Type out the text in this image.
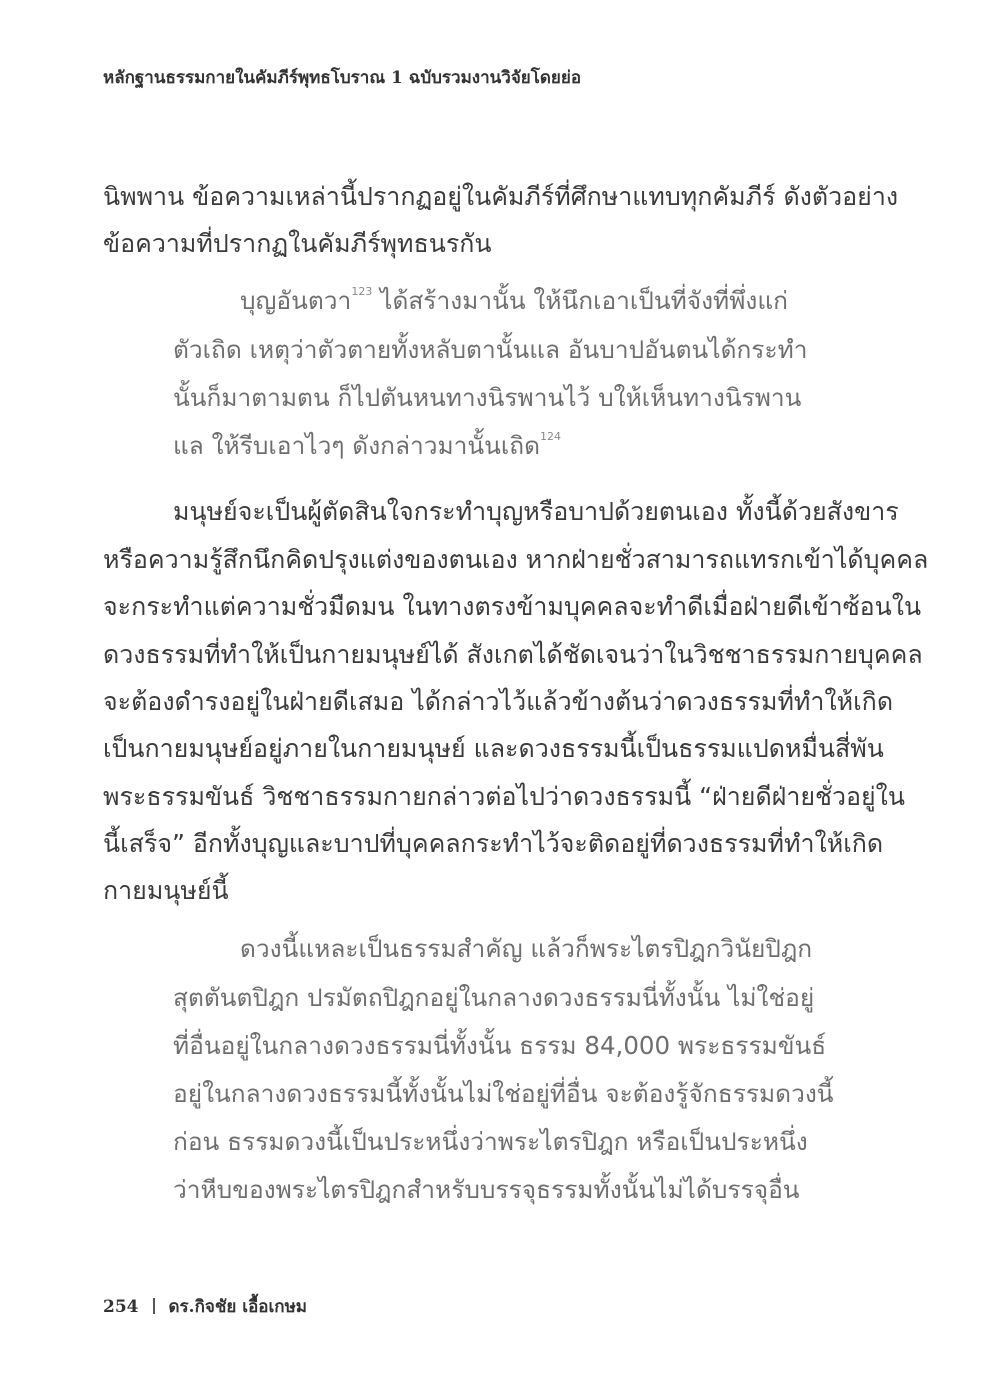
หลักฐานธรรมกายในคัมภีร์พุทธโบราณ 1 ฉบับรวมงานวิจัยโดยย่อ
นิพพาน ข้อความเหล่านี้ปรากฏอยู่ในคัมภีร์ที่ศึกษาแทบทุกคัมภีร์ ดังตัวอย่าง
ข้อความที่ปรากฏในคัมภีร์พุทธนรกัน
บุญอันตวา$^{123}$ ได้สร้างมานั้น ให้นึกเอาเป็นที่จังที่พึ่งแก่
ตัวเถิด เหตุว่าตัวตายทั้งหลับตานั้นแล อันบาปอันตนได้กระทำ
นั้นก็มาตามตน ก็ไปตันหนทางนิรพานไว้ บให้เห็นทางนิรพาน
แล ให้รีบเอาไวๆ ดังกล่าวมานั้นเถิด$^{124}$
มนุษย์จะเป็นผู้ตัดสินใจกระทำบุญหรือบาปด้วยตนเอง ทั้งนี้ด้วยสังขาร
หรือความรู้สึกนึกคิดปรุงแต่งของตนเอง หากฝ่ายชั่วสามารถแทรกเข้าได้บุคคล
จะกระทำแต่ความชั่วมืดมน ในทางตรงข้ามบุคคลจะทำดีเมื่อฝ่ายดีเข้าซ้อนใน
ดวงธรรมที่ทำให้เป็นกายมนุษย์ได้ สังเกตได้ชัดเจนว่าในวิชชาธรรมกายบุคคล
จะต้องดำรงอยู่ในฝ่ายดีเสมอ ได้กล่าวไว้แล้วข้างต้นว่าดวงธรรมที่ทำให้เกิด
เป็นกายมนุษย์อยู่ภายในกายมนุษย์ และดวงธรรมนี้เป็นธรรมแปดหมื่นสี่พัน
พระธรรมขันธ์ วิชชาธรรมกายกล่าวต่อไปว่าดวงธรรมนี้ “ฝ่ายดีฝ่ายชั่วอยู่ใน
นี้เสร็จ” อีกทั้งบุญและบาปที่บุคคลกระทำไว้จะติดอยู่ที่ดวงธรรมที่ทำให้เกิด
กายมนุษย์นี้
ดวงนี้แหละเป็นธรรมสำคัญ แล้วก็พระไตรปิฎกวินัยปิฎก
สุตตันตปิฎก ปรมัตถปิฎกอยู่ในกลางดวงธรรมนี่ทั้งนั้น ไม่ใช่อยู่
ที่อื่นอยู่ในกลางดวงธรรมนี่ทั้งนั้น ธรรม 84,000 พระธรรมขันธ์
อยู่ในกลางดวงธรรมนี้ทั้งนั้นไม่ใช่อยู่ที่อื่น จะต้องรู้จักธรรมดวงนี้
ก่อน ธรรมดวงนี้เป็นประหนึ่งว่าพระไตรปิฎก หรือเป็นประหนึ่ง
ว่าหีบของพระไตรปิฎกสำหรับบรรจุธรรมทั้งนั้นไม่ได้บรรจุอื่น
254 ดร.กิจชัย เอื้อเกษม
